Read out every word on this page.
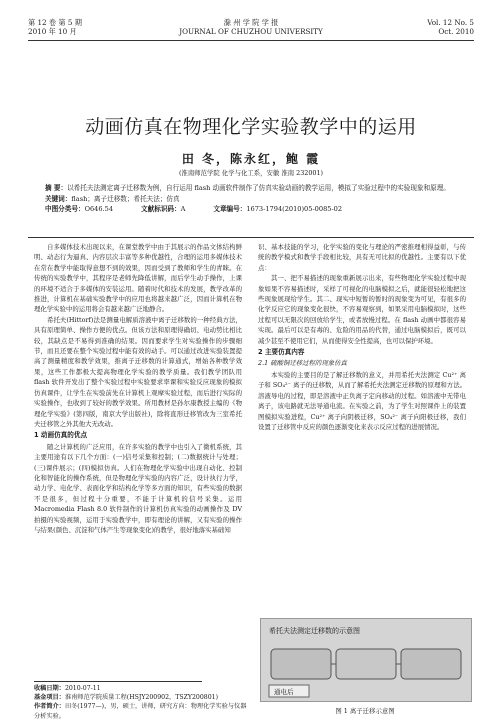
第 12 卷 第 5 期
2010 年 10 月
滁 州 学 院 学 报
JOURNAL OF CHUZHOU UNIVERSITY
Vol. 12 No. 5
Oct. 2010
动画仿真在物理化学实验教学中的运用
田 冬，陈永红，鲍 霞
(淮南师范学院 化学与化工系，安徽 淮南 232001)
摘 要：以希托夫法测定离子迁移数为例，自行运用 flash 动画软件制作了仿真实验动画的教学运用，模拟了实验过程中的实验现象和原理。
关键词：flash；离子迁移数；希托夫法；仿真
中图分类号：O646.54	文献标识码：A	文章编号：1673-1794(2010)05-0085-02

自多媒体技术出现以来，在课堂教学中由于其展示的作品文体结构鲜明、动态行为逼真、内容层次丰富等多种优越性，合理的运用多媒体技术在常在教学中能取得意想不到的效果，因而受到了教师和学生的青睐。在传统的实验教学中，其程序是老师先降低讲解，而后学生动手操作，上课的环境不适合于多媒体的安装运用。随着时代和技术的发展，教学改革的推进，计算机在基础实验教学中的应用也将越来越广泛，因而计算机在物理化学实验中的运用将会有越来越广泛地静合。

希托夫(Hittorf)法是测量电解质溶液中离子迁移数的一种经典方法，具有原理简单、操作方便的优点。但该方法和原理得确切、电动势比相比较，其缺点是不易得到准确的结果。因而要求学生对实验操作的步骤细节，而且还要在整个实验过程中能有效的动手。可以通过改进实验装置提高了测量精度和教学效果，推离子迁移数的计算通式，增始各种教学效果，这些工作都极大提高物理化学实验的教学质量。我们教学团队用 flash 软件开发出了整个实验过程中实验要求率课和实验反应现象的模拟仿真课件，让学生在实验前先在计算机上观摩实验过程，而后进行实际的实验操作，也收到了较好的教学效果。所用教材是孙尔康教授主编的《物理化学实验》(第四版，南京大学出版社)，除将直形迁移管改为三室希托夫迁移管之外其他大无改动。

1 动画仿真的优点

随之计算机的广泛应用，在许多实验的教学中也引入了微机系统，其主要用途有以下几个方面：(一)信号采集和控制；(二)数据统计与处理；(三)课件展示；(四)模拟仿真。人们在物理化学实验中出现自动化、控制化和智能化的操作系统，但是物理化学实验的内容广泛，设计执行力学，动力学、电化学、表面化学和结构化学等多方面的知识，有些实验的数据不是很多，但过程十分重要，不能于计算机的信号采集。运用 Macromedia Flash 8.0 软件制作的计算机仿真实验的动画操作及 DV 拍摄的实验视频，运用于实验教学中，即有理论的讲解，又有实验的操作与结果(颜色、沉淀和气体产生等现象变化)的教学，很好地落实基础知

识、基本技能的学习，化学实验的变化与理论的严密推理相得益彰，与传统的教学模式和教学手段相比较，具有无可比拟的优越性。主要有以下优点：

其一、把不易描述的现象重新展示出来，有些物理化学实验过程中现象如果不容易描述时，采样了可视化的电脑模拟之后，就能很轻松地把这些现象展现给学生。其二、现实中短暂的暂时的现象变为可见，有很多的化学反应它的现象变化很快，不容易观察到，如果采用电脑模拟时，这些过程可以无限次的回放给学生，或者放慢过程。在 flash 动画中都很容易实现。最后可以是有毒的、危险的用品的代替，通过电脑模拟后，既可以减少甚至不使用它们，从而使得安全性提高，也可以保护环境。

2 主要仿真内容
2.1 硫酸铜迁移过程的现象仿真

本实验的主要目的是了解迁移数的意义，并用希托夫法测定 Cu²⁺ 离子和 SO₄²⁻ 离子的迁移数，从而了解希托夫法测定迁移数的原理和方法。溶液导电的过程，即是溶液中正负离子定向移动的过程。如溶液中无带电离子，该电路就无法导通电流。在实验之前，为了学生对照课件上的装置图模拟实验进程，Cu²⁺ 离子向阴极迁移，SO₄²⁻ 离子向阳极迁移，我们设置了迁移管中反应的颜色逐渐变化来表示反应过程的进展情况。

希托夫法测定迁移数的示意图
通电后
图 1 离子迁移示意图
收稿日期：2010-07-11
基金项目：淮南师范学院质量工程(HSJY200902，TSZY200801)
作者简介：田冬(1977—)，男，硕士，讲师，研究方向：物理化学实验与仪器分析实验。
